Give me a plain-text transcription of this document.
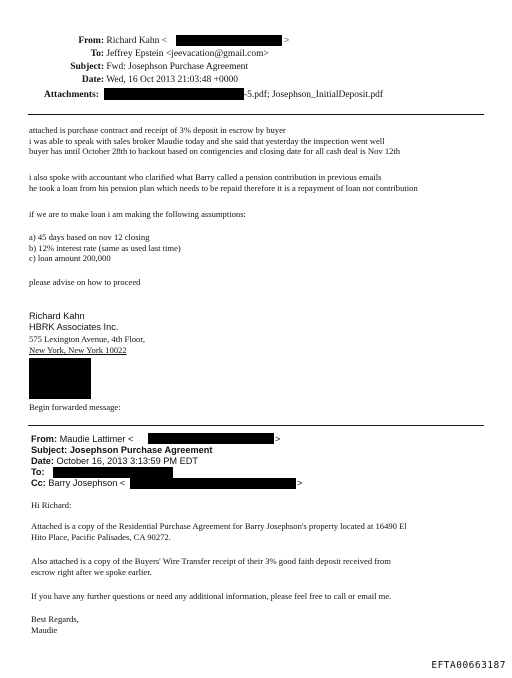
From: Richard Kahn <	>
To: Jeffrey Epstein <jeevacation@gmail.com>
Subject: Fwd: Josephson Purchase Agreement
Date: Wed, 16 Oct 2013 21:03:48 +0000
Attachments:	-5.pdf; Josephson_InitialDeposit.pdf
attached is purchase contract and receipt of 3% deposit in escrow by buyer
i was able to speak with sales broker Maudie today and she said that yesterday the inspection went well
buyer has until October 28th to backout based on contigencies and closing date for all cash deal is Nov 12th
i also spoke with accountant who clarified what Barry called a pension contribution in previous emails
he took a loan from his pension plan which needs to be repaid therefore it is a repayment of loan not contribution
if we are to make loan i am making the following assumptions:
a) 45 days based on nov 12 closing
b) 12% interest rate (same as used last time)
c) loan amount 200,000
please advise on how to proceed
Richard Kahn
HBRK Associates Inc.
575 Lexington Avenue, 4th Floor,
New York, New York 10022
Begin forwarded message:
From: Maudie Lattimer <	>
Subject: Josephson Purchase Agreement
Date: October 16, 2013 3:13:59 PM EDT
To:
Cc: Barry Josephson <	>
Hi Richard:
Attached is a copy of the Residential Purchase Agreement for Barry Josephson's property located at 16490 El
Hito Place, Pacific Palisades, CA 90272.
Also attached is a copy of the Buyers' Wire Transfer receipt of their 3% good faith deposit received from
escrow right after we spoke earlier.
If you have any further questions or need any additional information, please feel free to call or email me.
Best Regards,
Maudie
EFTA00663187
